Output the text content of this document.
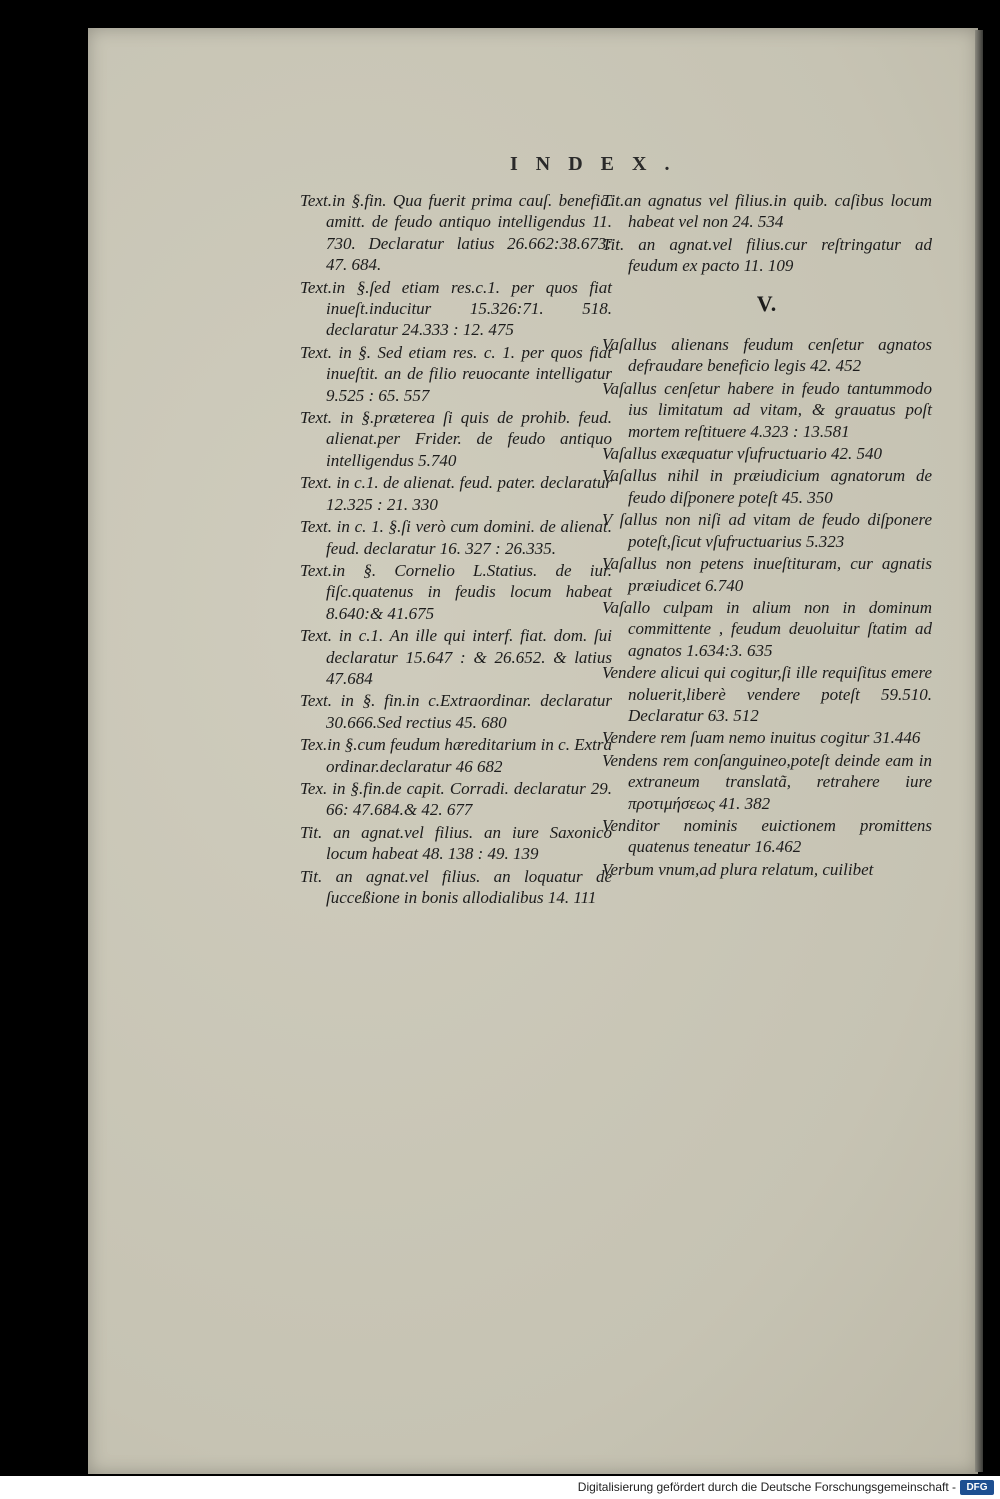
INDEX.

Text.in §.fin. Qua fuerit prima cauſ. benefic. amitt. de feudo antiquo intelligendus 11. 730. Declaratur latius 26.662:38.673: 47. 684.

Text.in §.ſed etiam res.c.1. per quos fiat inueſt.inducitur 15.326:71. 518. declaratur 24.333 : 12. 475

Text. in §. Sed etiam res. c. 1. per quos fiat inueſtit. an de filio reuocante intelligatur 9.525 : 65. 557

Text. in §.præterea ſi quis de prohib. feud. alienat.per Frider. de feudo antiquo intelligendus 5.740

Text. in c.1. de alienat. feud. pater. declaratur 12.325 : 21. 330

Text. in c. 1. §.ſi verò cum domini. de alienat. feud. declaratur 16. 327 : 26.335.

Text.in §. Cornelio L.Statius. de iur. fiſc.quatenus in feudis locum habeat 8.640:& 41.675

Text. in c.1. An ille qui interf. fiat. dom. ſui declaratur 15.647 : & 26.652. & latius 47.684

Text. in §. fin.in c.Extraordinar. declaratur 30.666.Sed rectius 45. 680

Tex.in §.cum feudum hæreditarium in c. Extra ordinar.declaratur 46 682

Tex. in §.fin.de capit. Corradi. declaratur 29. 66: 47.684.& 42. 677

Tit. an agnat.vel filius. an iure Saxonico locum habeat 48. 138 : 49. 139

Tit. an agnat.vel filius. an loquatur de ſucceßione in bonis allodialibus 14. 111

Tit.an agnatus vel filius.in quib. caſibus locum habeat vel non 24. 534

Tit. an agnat.vel filius.cur reſtringatur ad feudum ex pacto 11. 109

V.

Vaſallus alienans feudum cenſetur agnatos defraudare beneficio legis 42. 452

Vaſallus cenſetur habere in feudo tantummodo ius limitatum ad vitam, & grauatus poſt mortem reſtituere 4.323 : 13.581

Vaſallus exæquatur vſufructuario 42. 540

Vaſallus nihil in præiudicium agnatorum de feudo diſponere poteſt 45. 350

V ſallus non niſi ad vitam de feudo diſponere poteſt,ſicut vſufructuarius 5.323

Vaſallus non petens inueſtituram, cur agnatis præiudicet 6.740

Vaſallo culpam in alium non in dominum committente , feudum deuoluitur ſtatim ad agnatos 1.634:3. 635

Vendere alicui qui cogitur,ſi ille requiſitus emere noluerit,liberè vendere poteſt 59.510. Declaratur 63. 512

Vendere rem ſuam nemo inuitus cogitur 31.446

Vendens rem conſanguineo,poteſt deinde eam in extraneum translatã, retrahere iure προτιμήσεως 41. 382

Venditor nominis euictionem promittens quatenus teneatur 16.462

Verbum vnum,ad plura relatum, cuilibet

Digitalisierung gefördert durch die Deutsche Forschungsgemeinschaft -	DFG
